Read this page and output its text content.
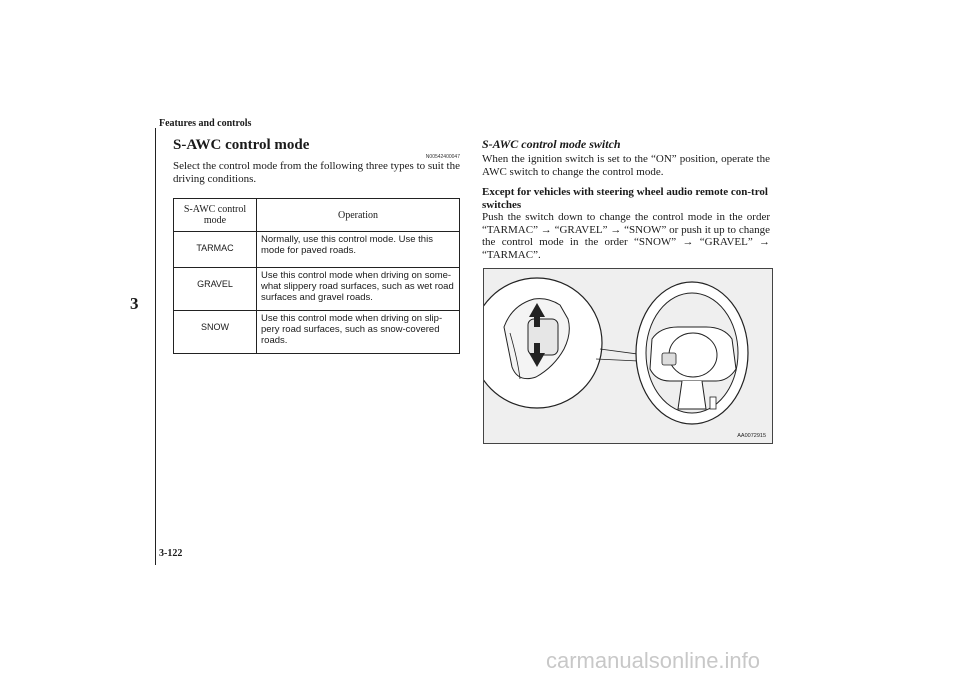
Features and controls
3
S-AWC control mode
N00542400047
Select the control mode from the following three types to suit the driving conditions.
S-AWC control mode	Operation
TARMAC	Normally, use this control mode. Use this mode for paved roads.
GRAVEL	Use this control mode when driving on some-what slippery road surfaces, such as wet road surfaces and gravel roads.
SNOW	Use this control mode when driving on slip-pery road surfaces, such as snow-covered roads.
S-AWC control mode switch

When the ignition switch is set to the “ON” position, operate the AWC switch to change the control mode.

Except for vehicles with steering wheel audio remote con-trol switches

Push the switch down to change the control mode in the order “TARMAC” → “GRAVEL” → “SNOW” or push it up to change the control mode in the order “SNOW” → “GRAVEL” → “TARMAC”.

AA0072915
3-122
carmanualsonline.info
